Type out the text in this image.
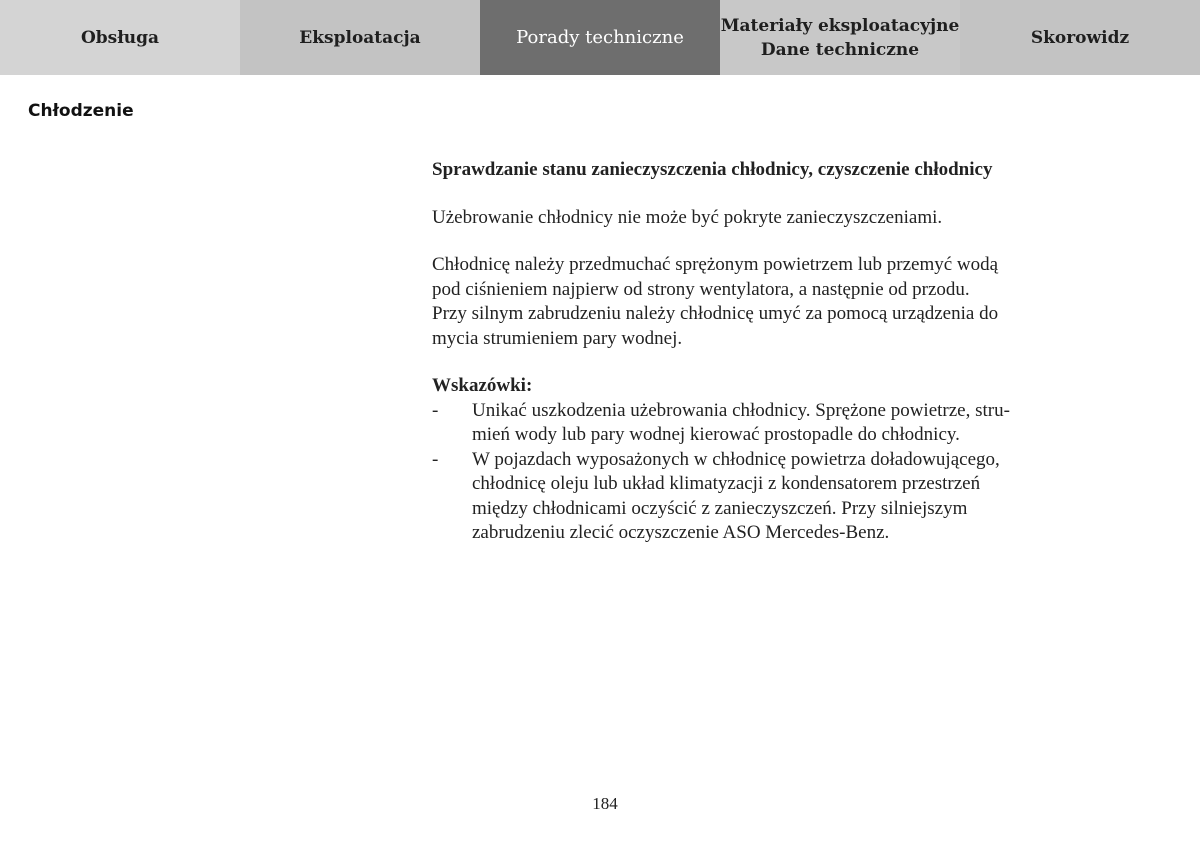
Obsługa	Eksploatacja	Porady techniczne
Materiały eksploatacyjne
Dane techniczne
Skorowidz
Chłodzenie

Sprawdzanie stanu zanieczyszczenia chłodnicy, czyszczenie chłodnicy

Użebrowanie chłodnicy nie może być pokryte zanieczyszczeniami.

Chłodnicę należy przedmuchać sprężonym powietrzem lub przemyć wodą
pod ciśnieniem najpierw od strony wentylatora, a następnie od przodu.
Przy silnym zabrudzeniu należy chłodnicę umyć za pomocą urządzenia do
mycia strumieniem pary wodnej.

Wskazówki:

- Unikać uszkodzenia użebrowania chłodnicy. Sprężone powietrze, stru-
mień wody lub pary wodnej kierować prostopadle do chłodnicy.
- W pojazdach wyposażonych w chłodnicę powietrza doładowującego,
chłodnicę oleju lub układ klimatyzacji z kondensatorem przestrzeń
między chłodnicami oczyścić z zanieczyszczeń. Przy silniejszym
zabrudzeniu zlecić oczyszczenie ASO Mercedes-Benz.
184
